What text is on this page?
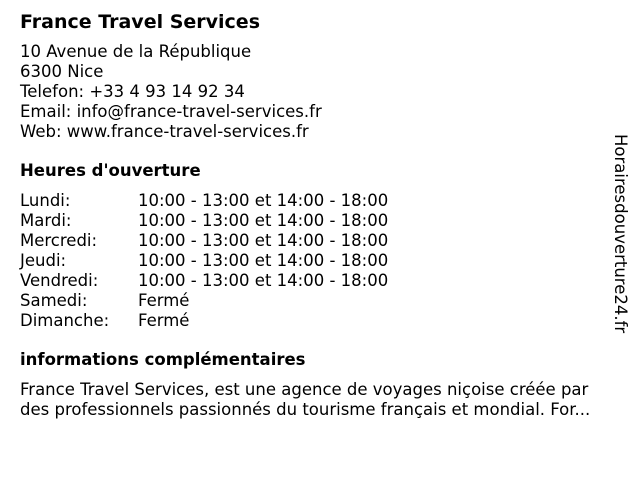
France Travel Services
10 Avenue de la République
6300 Nice
Telefon: +33 4 93 14 92 34
Email: info@france-travel-services.fr
Web: www.france-travel-services.fr
Heures d'ouverture
Lundi:	10:00 - 13:00 et 14:00 - 18:00
Mardi:	10:00 - 13:00 et 14:00 - 18:00
Mercredi:	10:00 - 13:00 et 14:00 - 18:00
Jeudi:	10:00 - 13:00 et 14:00 - 18:00
Vendredi:	10:00 - 13:00 et 14:00 - 18:00
Samedi:	Fermé
Dimanche:	Fermé
informations complémentaires
France Travel Services, est une agence de voyages niçoise créée par
des professionnels passionnés du tourisme français et mondial. For...
Horairesdouverture24.fr
